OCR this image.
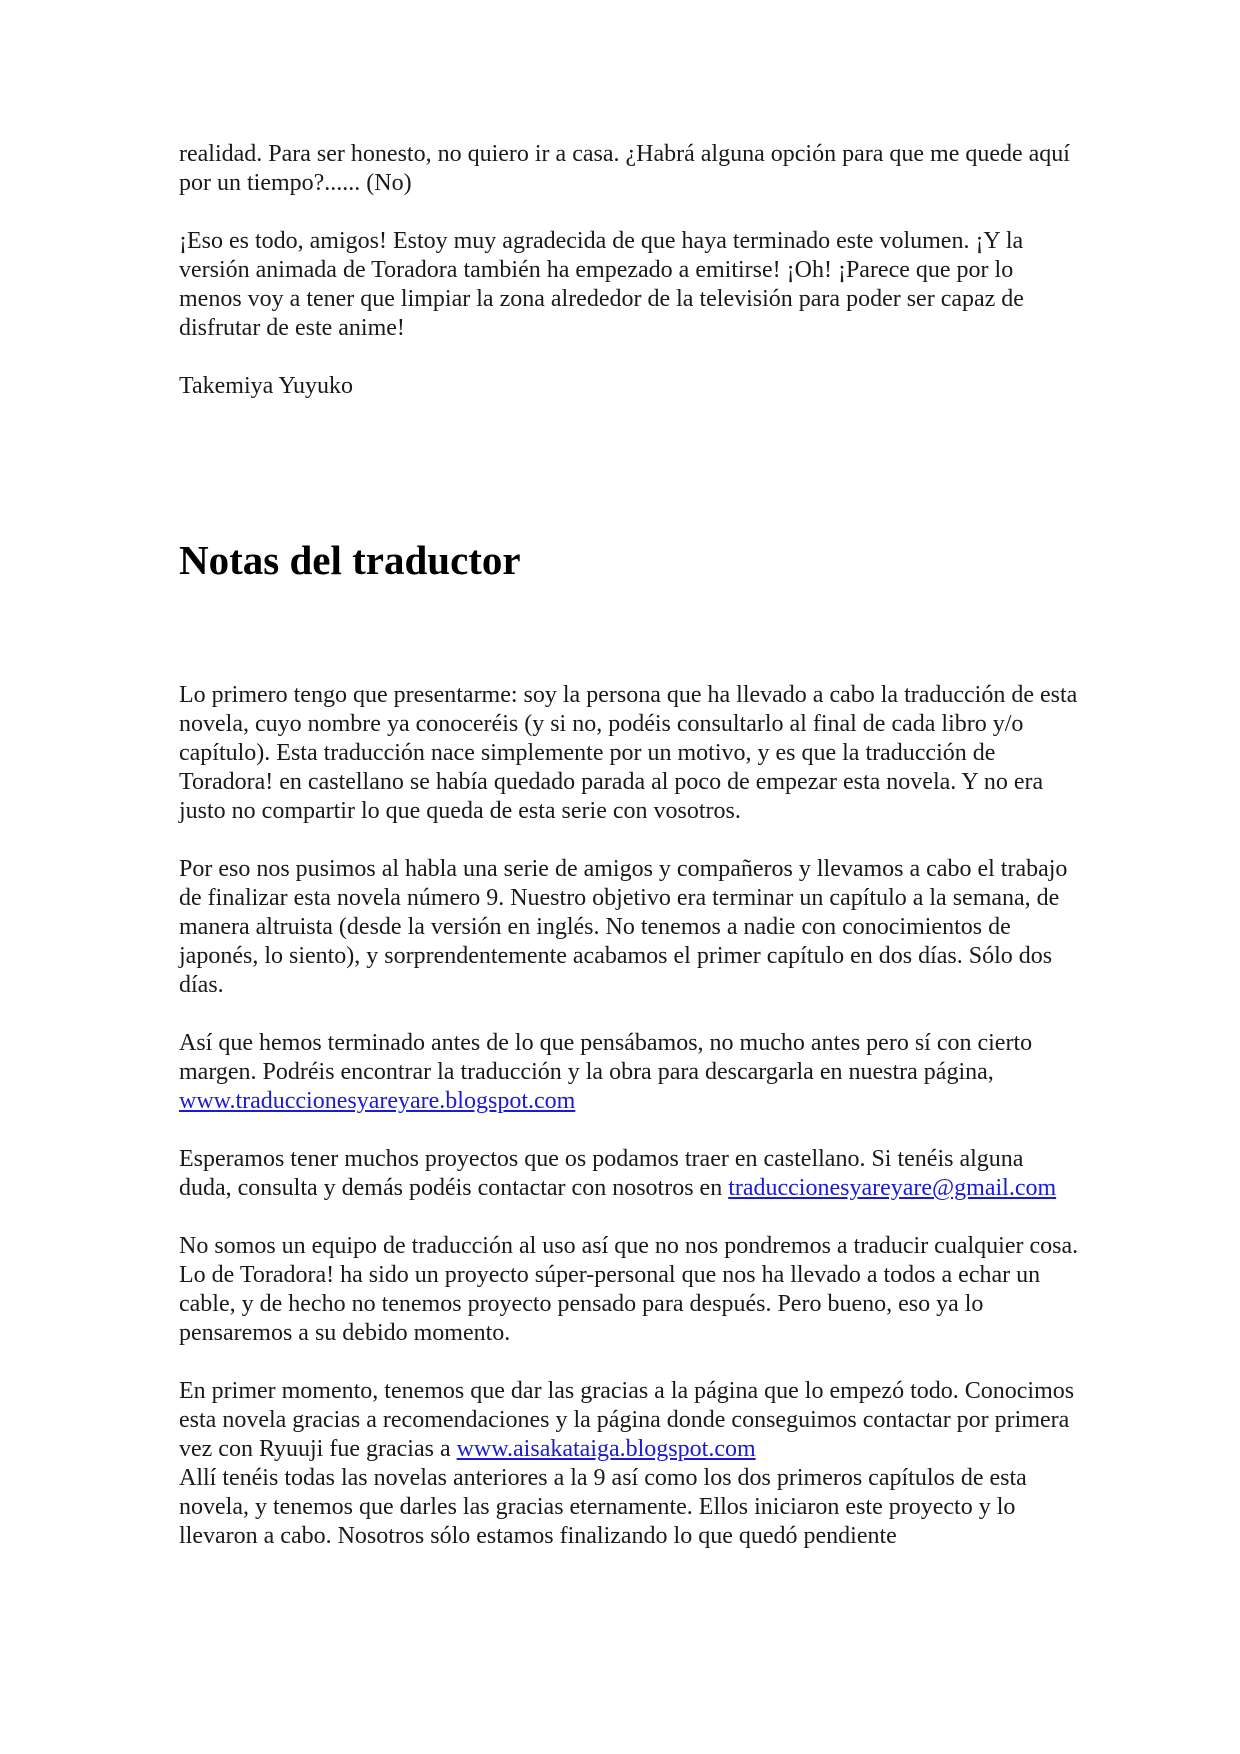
realidad. Para ser honesto, no quiero ir a casa. ¿Habrá alguna opción para que me quede aquí por un tiempo?...... (No)

¡Eso es todo, amigos! Estoy muy agradecida de que haya terminado este volumen. ¡Y la versión animada de Toradora también ha empezado a emitirse! ¡Oh! ¡Parece que por lo menos voy a tener que limpiar la zona alrededor de la televisión para poder ser capaz de disfrutar de este anime!

Takemiya Yuyuko

Notas del traductor

Lo primero tengo que presentarme: soy la persona que ha llevado a cabo la traducción de esta novela, cuyo nombre ya conoceréis (y si no, podéis consultarlo al final de cada libro y/o capítulo). Esta traducción nace simplemente por un motivo, y es que la traducción de Toradora! en castellano se había quedado parada al poco de empezar esta novela. Y no era justo no compartir lo que queda de esta serie con vosotros.

Por eso nos pusimos al habla una serie de amigos y compañeros y llevamos a cabo el trabajo de finalizar esta novela número 9. Nuestro objetivo era terminar un capítulo a la semana, de manera altruista (desde la versión en inglés. No tenemos a nadie con conocimientos de japonés, lo siento), y sorprendentemente acabamos el primer capítulo en dos días. Sólo dos días.

Así que hemos terminado antes de lo que pensábamos, no mucho antes pero sí con cierto margen. Podréis encontrar la traducción y la obra para descargarla en nuestra página, www.traduccionesyareyare.blogspot.com

Esperamos tener muchos proyectos que os podamos traer en castellano. Si tenéis alguna duda, consulta y demás podéis contactar con nosotros en traduccionesyareyare@gmail.com

No somos un equipo de traducción al uso así que no nos pondremos a traducir cualquier cosa. Lo de Toradora! ha sido un proyecto súper-personal que nos ha llevado a todos a echar un cable, y de hecho no tenemos proyecto pensado para después. Pero bueno, eso ya lo pensaremos a su debido momento.

En primer momento, tenemos que dar las gracias a la página que lo empezó todo. Conocimos esta novela gracias a recomendaciones y la página donde conseguimos contactar por primera vez con Ryuuji fue gracias a www.aisakataiga.blogspot.com

Allí tenéis todas las novelas anteriores a la 9 así como los dos primeros capítulos de esta novela, y tenemos que darles las gracias eternamente. Ellos iniciaron este proyecto y lo llevaron a cabo. Nosotros sólo estamos finalizando lo que quedó pendiente
